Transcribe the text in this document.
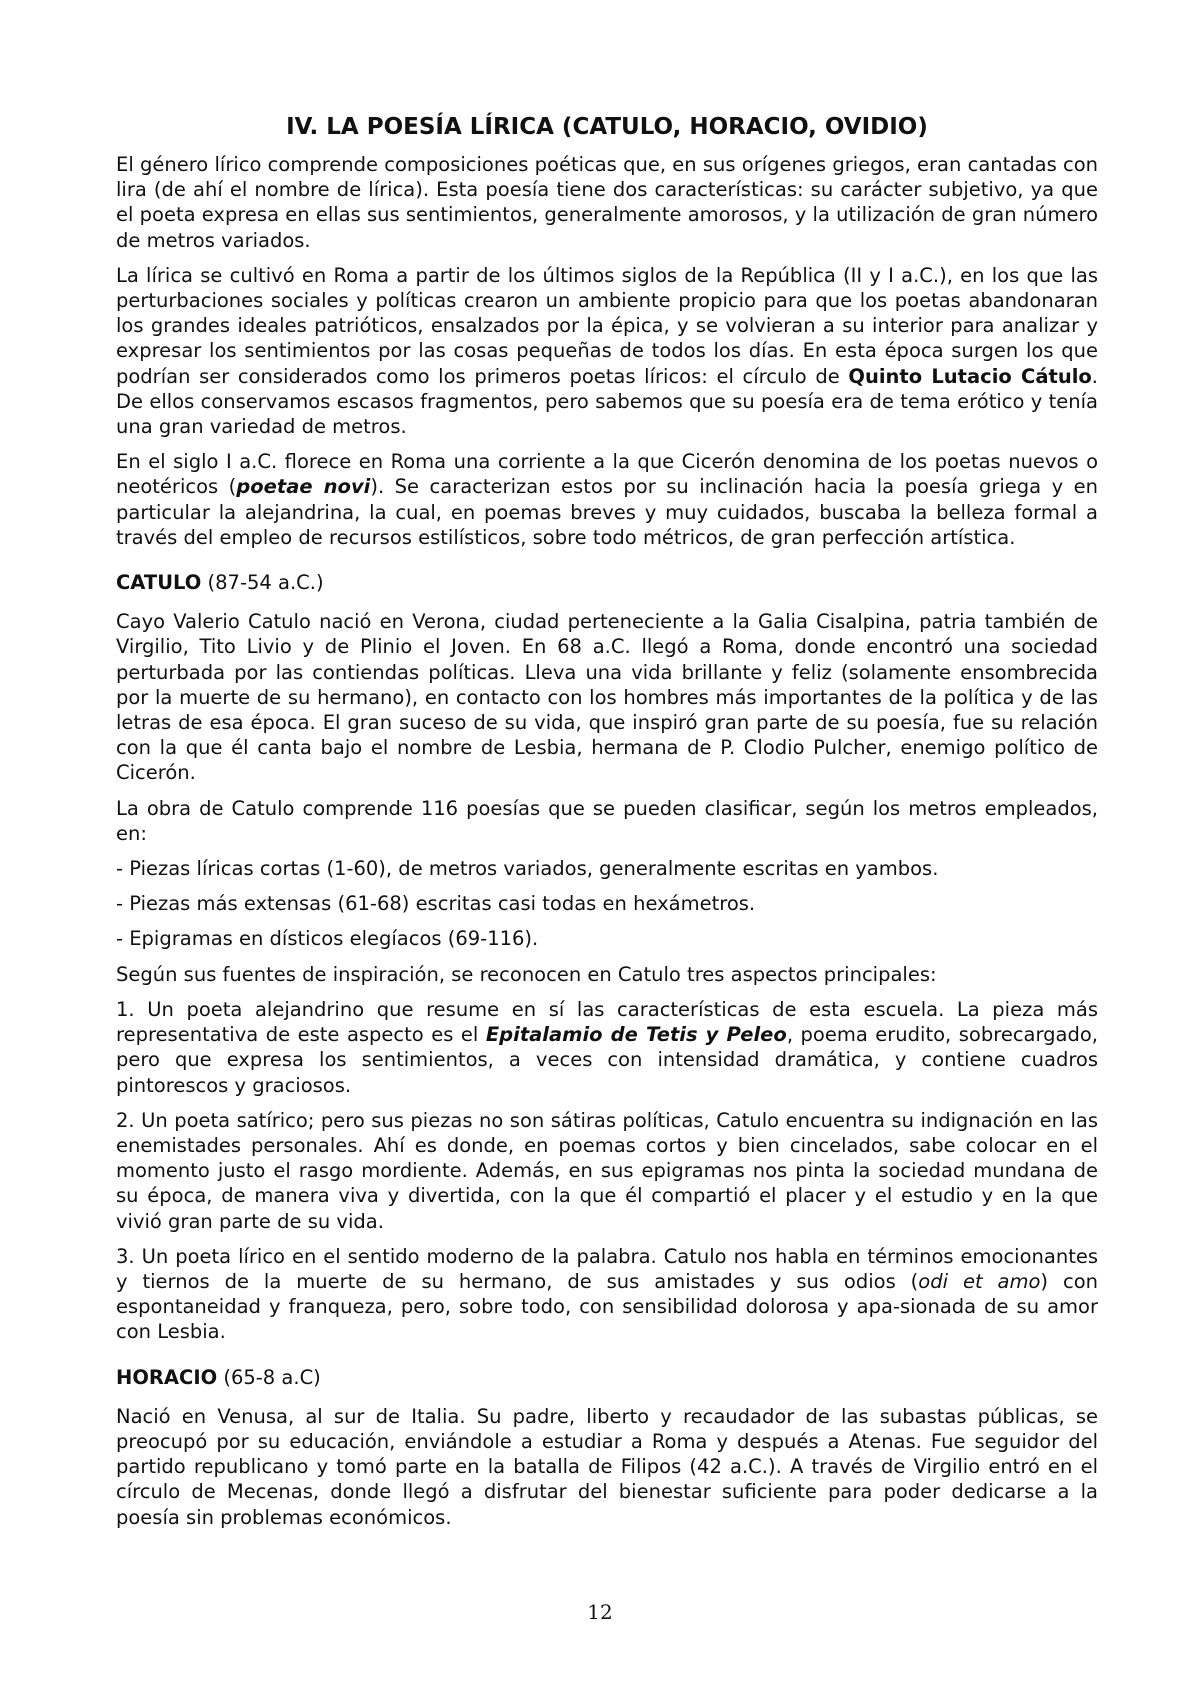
IV. LA POESÍA LÍRICA (CATULO, HORACIO, OVIDIO)

El género lírico comprende composiciones poéticas que, en sus orígenes griegos, eran cantadas con lira (de ahí el nombre de lírica). Esta poesía tiene dos características: su carácter subjetivo, ya que el poeta expresa en ellas sus sentimientos, generalmente amorosos, y la utilización de gran número de metros variados.

La lírica se cultivó en Roma a partir de los últimos siglos de la República (II y I a.C.), en los que las perturbaciones sociales y políticas crearon un ambiente propicio para que los poetas abandonaran los grandes ideales patrióticos, ensalzados por la épica, y se volvieran a su interior para analizar y expresar los sentimientos por las cosas pequeñas de todos los días. En esta época surgen los que podrían ser considerados como los primeros poetas líricos: el círculo de Quinto Lutacio Cátulo. De ellos conservamos escasos fragmentos, pero sabemos que su poesía era de tema erótico y tenía una gran variedad de metros.

En el siglo I a.C. florece en Roma una corriente a la que Cicerón denomina de los poetas nuevos o neotéricos (poetae novi). Se caracterizan estos por su inclinación hacia la poesía griega y en particular la alejandrina, la cual, en poemas breves y muy cuidados, buscaba la belleza formal a través del empleo de recursos estilísticos, sobre todo métricos, de gran perfección artística.

CATULO (87-54 a.C.)

Cayo Valerio Catulo nació en Verona, ciudad perteneciente a la Galia Cisalpina, patria también de Virgilio, Tito Livio y de Plinio el Joven. En 68 a.C. llegó a Roma, donde encontró una sociedad perturbada por las contiendas políticas. Lleva una vida brillante y feliz (solamente ensombrecida por la muerte de su hermano), en contacto con los hombres más importantes de la política y de las letras de esa época. El gran suceso de su vida, que inspiró gran parte de su poesía, fue su relación con la que él canta bajo el nombre de Lesbia, hermana de P. Clodio Pulcher, enemigo político de Cicerón.

La obra de Catulo comprende 116 poesías que se pueden clasificar, según los metros empleados, en:

- Piezas líricas cortas (1-60), de metros variados, generalmente escritas en yambos.

- Piezas más extensas (61-68) escritas casi todas en hexámetros.

- Epigramas en dísticos elegíacos (69-116).

Según sus fuentes de inspiración, se reconocen en Catulo tres aspectos principales:

1. Un poeta alejandrino que resume en sí las características de esta escuela. La pieza más representativa de este aspecto es el Epitalamio de Tetis y Peleo, poema erudito, sobrecargado, pero que expresa los sentimientos, a veces con intensidad dramática, y contiene cuadros pintorescos y graciosos.

2. Un poeta satírico; pero sus piezas no son sátiras políticas, Catulo encuentra su indignación en las enemistades personales. Ahí es donde, en poemas cortos y bien cincelados, sabe colocar en el momento justo el rasgo mordiente. Además, en sus epigramas nos pinta la sociedad mundana de su época, de manera viva y divertida, con la que él compartió el placer y el estudio y en la que vivió gran parte de su vida.

3. Un poeta lírico en el sentido moderno de la palabra. Catulo nos habla en términos emocionantes y tiernos de la muerte de su hermano, de sus amistades y sus odios (odi et amo) con espontaneidad y franqueza, pero, sobre todo, con sensibilidad dolorosa y apa-sionada de su amor con Lesbia.

HORACIO (65-8 a.C)

Nació en Venusa, al sur de Italia. Su padre, liberto y recaudador de las subastas públicas, se preocupó por su educación, enviándole a estudiar a Roma y después a Atenas. Fue seguidor del partido republicano y tomó parte en la batalla de Filipos (42 a.C.). A través de Virgilio entró en el círculo de Mecenas, donde llegó a disfrutar del bienestar suficiente para poder dedicarse a la poesía sin problemas económicos.

12
